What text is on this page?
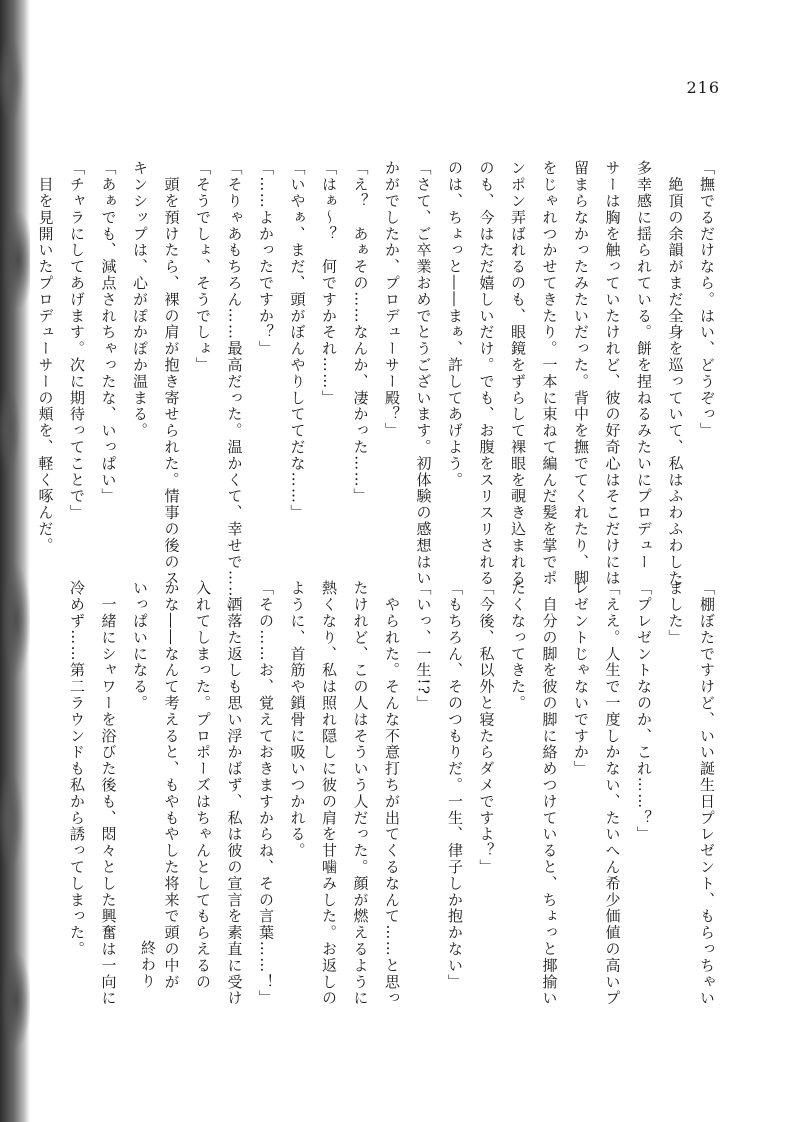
216
「撫でるだけなら。はい、どうぞっ」
　絶頂の余韻がまだ全身を巡っていて、私はふわふわした
多幸感に揺られている。餅を捏ねるみたいにプロデュー
サーは胸を触っていたけれど、彼の好奇心はそこだけには
留まらなかったみたいだった。背中を撫でてくれたり、脚
をじゃれつかせてきたり。一本に束ねて編んだ髪を掌でポ
ンポン弄ばれるのも、眼鏡をずらして裸眼を覗き込まれる
のも、今はただ嬉しいだけ。でも、お腹をスリスリされる
のは、ちょっと――まぁ、許してあげよう。
「さて、ご卒業おめでとうございます。初体験の感想はい
かがでしたか、プロデューサー殿？」
「え？　あぁその……なんか、凄かった……」
「はぁ〜？　何ですかそれ……」
「いやぁ、まだ、頭がぼんやりしててだな……」
「……よかったですか？」
「そりゃあもちろん……最高だった。温かくて、幸せで……」
「そうでしょ、そうでしょ」
　頭を預けたら、裸の肩が抱き寄せられた。情事の後のス
キンシップは、心がぽかぽか温まる。
「あぁでも、減点されちゃったな、いっぱい」
「チャラにしてあげます。次に期待ってことで」
　目を見開いたプロデューサーの頬を、軽く啄んだ。
「棚ぼたですけど、いい誕生日プレゼント、もらっちゃい
ました」
「プレゼントなのか、これ……？」
「ええ。人生で一度しかない、たいへん希少価値の高いプ
レゼントじゃないですか」
　自分の脚を彼の脚に絡めつけていると、ちょっと揶揄い
たくなってきた。
「今後、私以外と寝たらダメですよ？」
「もちろん、そのつもりだ。一生、律子しか抱かない」
「いっ、一生!?」
　やられた。そんな不意打ちが出てくるなんて……と思っ
たけれど、この人はそういう人だった。顔が燃えるように
熱くなり、私は照れ隠しに彼の肩を甘噛みした。お返しの
ように、首筋や鎖骨に吸いつかれる。
「その……お、覚えておきますからね、その言葉……！」
　洒落た返しも思い浮かばず、私は彼の宣言を素直に受け
入れてしまった。プロポーズはちゃんとしてもらえるの
かな――なんて考えると、もやもやした将来で頭の中が
いっぱいになる。
　一緒にシャワーを浴びた後も、悶々とした興奮は一向に
冷めず……第二ラウンドも私から誘ってしまった。
終わり
